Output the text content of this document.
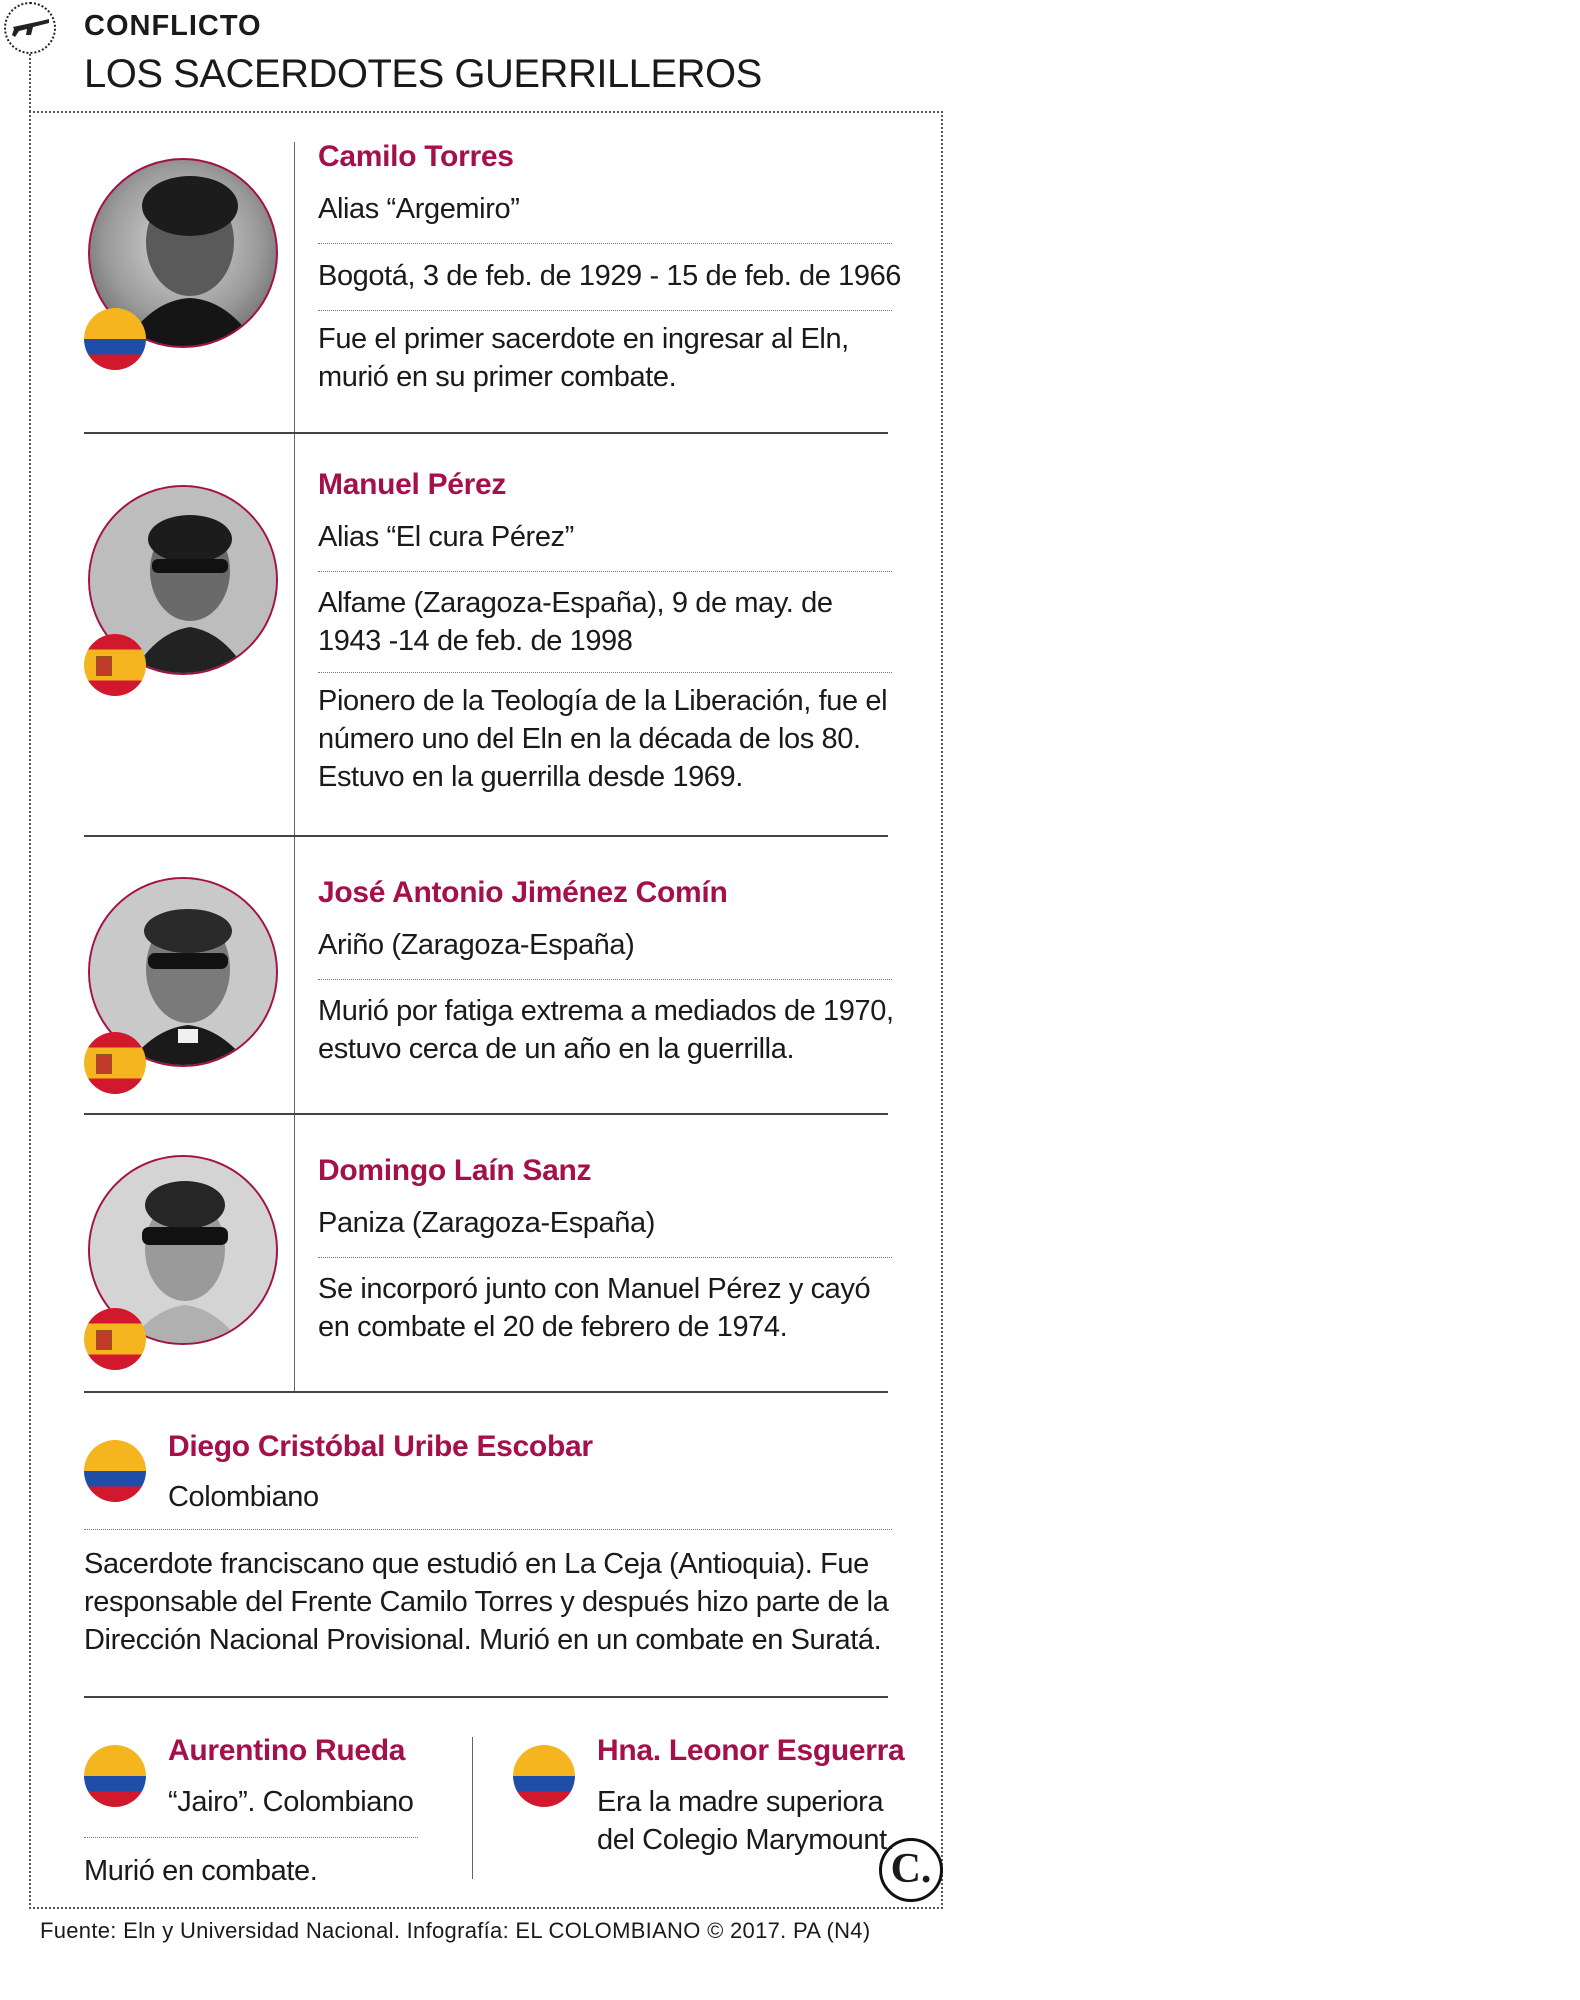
CONFLICTO
LOS SACERDOTES GUERRILLEROS
Camilo Torres
Alias “Argemiro”
Bogotá, 3 de feb. de 1929 - 15 de feb. de 1966
Fue el primer sacerdote en ingresar al Eln, murió en su primer combate.
Manuel Pérez
Alias “El cura Pérez”
Alfame (Zaragoza-España), 9 de may. de 1943 -14 de feb. de 1998
Pionero de la Teología de la Liberación, fue el número uno del Eln en la década de los 80. Estuvo en la guerrilla desde 1969.
José Antonio Jiménez Comín
Ariño (Zaragoza-España)
Murió por fatiga extrema a mediados de 1970, estuvo cerca de un año en la guerrilla.
Domingo Laín Sanz
Paniza (Zaragoza-España)
Se incorporó junto con Manuel Pérez y cayó en combate el 20 de febrero de 1974.
Diego Cristóbal Uribe Escobar
Colombiano
Sacerdote franciscano que estudió en La Ceja (Antioquia). Fue responsable del Frente Camilo Torres y después hizo parte de la Dirección Nacional Provisional. Murió en un combate en Suratá.
Aurentino Rueda
“Jairo”. Colombiano
Murió en combate.
Hna. Leonor Esguerra
Era la madre superiora del Colegio Marymount.
C.
Fuente: Eln y Universidad Nacional. Infografía: EL COLOMBIANO © 2017. PA (N4)
